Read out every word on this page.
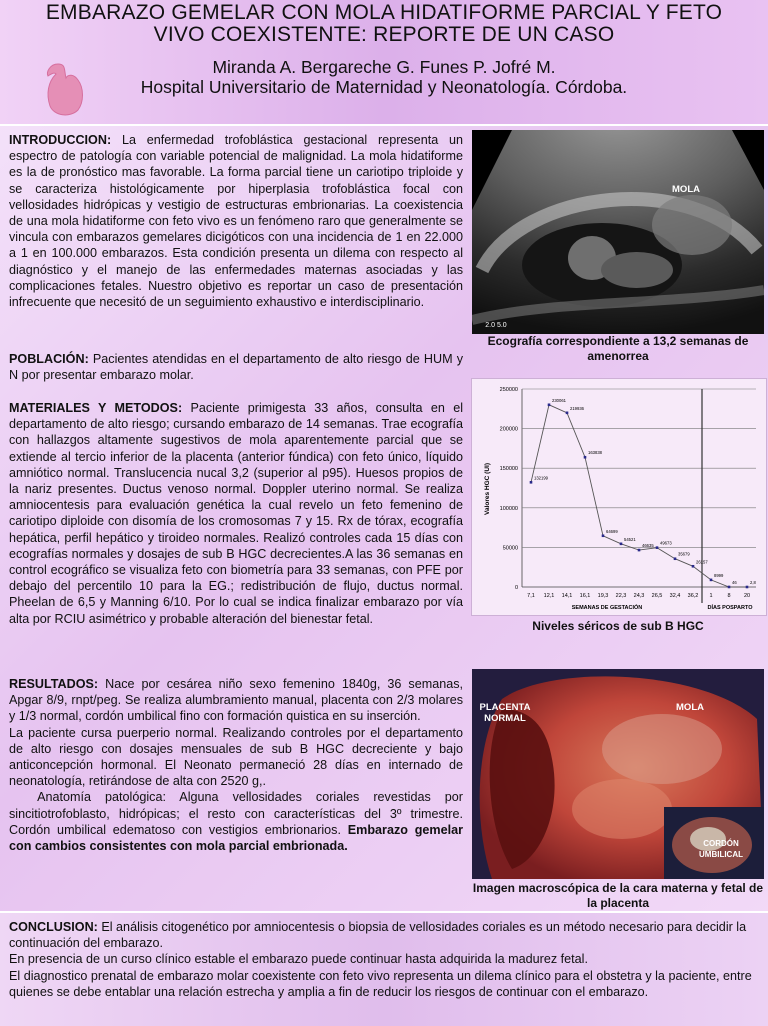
EMBARAZO GEMELAR CON MOLA HIDATIFORME PARCIAL Y FETO
VIVO COEXISTENTE: REPORTE DE UN CASO
Miranda A. Bergareche G. Funes P. Jofré M.
Hospital Universitario de Maternidad y Neonatología. Córdoba.
INTRODUCCION: La enfermedad trofoblástica gestacional representa un espectro de patología con variable potencial de malignidad. La mola hidatiforme es la de pronóstico mas favorable. La forma parcial tiene un cariotipo triploide y se caracteriza histológicamente por hiperplasia trofoblástica focal con vellosidades hidrópicas y vestigio de estructuras embrionarias. La coexistencia de una mola hidatiforme con feto vivo es un fenómeno raro que generalmente se vincula con embarazos gemelares dicigóticos con una incidencia de 1 en 22.000 a 1 en 100.000 embarazos. Esta condición presenta un dilema con respecto al diagnóstico y el manejo de las enfermedades maternas asociadas y las complicaciones fetales. Nuestro objetivo es reportar un caso de presentación infrecuente que necesitó de un seguimiento exhaustivo e interdisciplinario.
POBLACIÓN: Pacientes atendidas en el departamento de alto riesgo de HUM y N por presentar embarazo molar.
MATERIALES Y METODOS: Paciente primigesta 33 años, consulta en el departamento de alto riesgo; cursando embarazo de 14 semanas. Trae ecografía con hallazgos altamente sugestivos de mola aparentemente parcial que se extiende al tercio inferior de la placenta (anterior fúndica) con feto único, líquido amniótico normal. Translucencia nucal 3,2 (superior al p95). Huesos propios de la nariz presentes. Ductus venoso normal. Doppler uterino normal. Se realiza amniocentesis para evaluación genética la cual revelo un feto femenino de cariotipo diploide con disomía de los cromosomas 7 y 15. Rx de tórax, ecografía hepática, perfil hepático y tiroideo normales. Realizó controles cada 15 días con ecografías normales y dosajes de sub B HGC decrecientes.A las 36 semanas en control ecográfico se visualiza feto con biometría para 33 semanas, con PFE por debajo del percentilo 10 para la EG.; redistribución de flujo, ductus normal. Pheelan de 6,5 y Manning 6/10. Por lo cual se indica finalizar embarazo por vía alta por RCIU asimétrico y probable alteración del bienestar fetal.
RESULTADOS: Nace por cesárea niño sexo femenino 1840g, 36 semanas, Apgar 8/9, rnpt/peg. Se realiza alumbramiento manual, placenta con 2/3 molares y 1/3 normal, cordón umbilical fino con formación quistica en su inserción.
La paciente cursa puerperio normal. Realizando controles por el departamento de alto riesgo con dosajes mensuales de sub B HGC decreciente y bajo anticoncepción hormonal. El Neonato permaneció 28 días en internado de neonatología, retirándose de alta con 2520 g,.
Anatomía patológica: Alguna vellosidades coriales revestidas por sincitiotrofoblasto, hidrópicas; el resto con características del 3º trimestre. Cordón umbilical edematoso con vestigios embrionarios. Embarazo gemelar con cambios consistentes con mola parcial embrionada.
MOLA
2.0 5.0
Ecografía correspondiente a 13,2 semanas de amenorrea
Valores HGC (UI)
SEMANAS DE GESTACIÓN	DÍAS POSPARTO
0
50000
100000
150000
200000
250000
7,1 12,1 14,1 16,1 19,3 22,3 24,3 26,5 32,4 36,2 1	8 20
132199
230061
219936
163838
64699
54521
46635 49673
35679
26157
8999
46	2,8
Niveles séricos de sub B HGC
PLACENTA NORMAL
MOLA
CORDÓN UMBILICAL
Imagen macroscópica de la cara materna y fetal de la placenta
CONCLUSION: El análisis citogenético por amniocentesis o biopsia de vellosidades coriales es un método necesario para decidir la continuación del embarazo.
En presencia de un curso clínico estable el embarazo puede continuar hasta adquirida la madurez fetal.
El diagnostico prenatal de embarazo molar coexistente con feto vivo representa un dilema clínico para el obstetra y la paciente, entre quienes se debe entablar una relación estrecha y amplia a fin de reducir los riesgos de continuar con el embarazo.
